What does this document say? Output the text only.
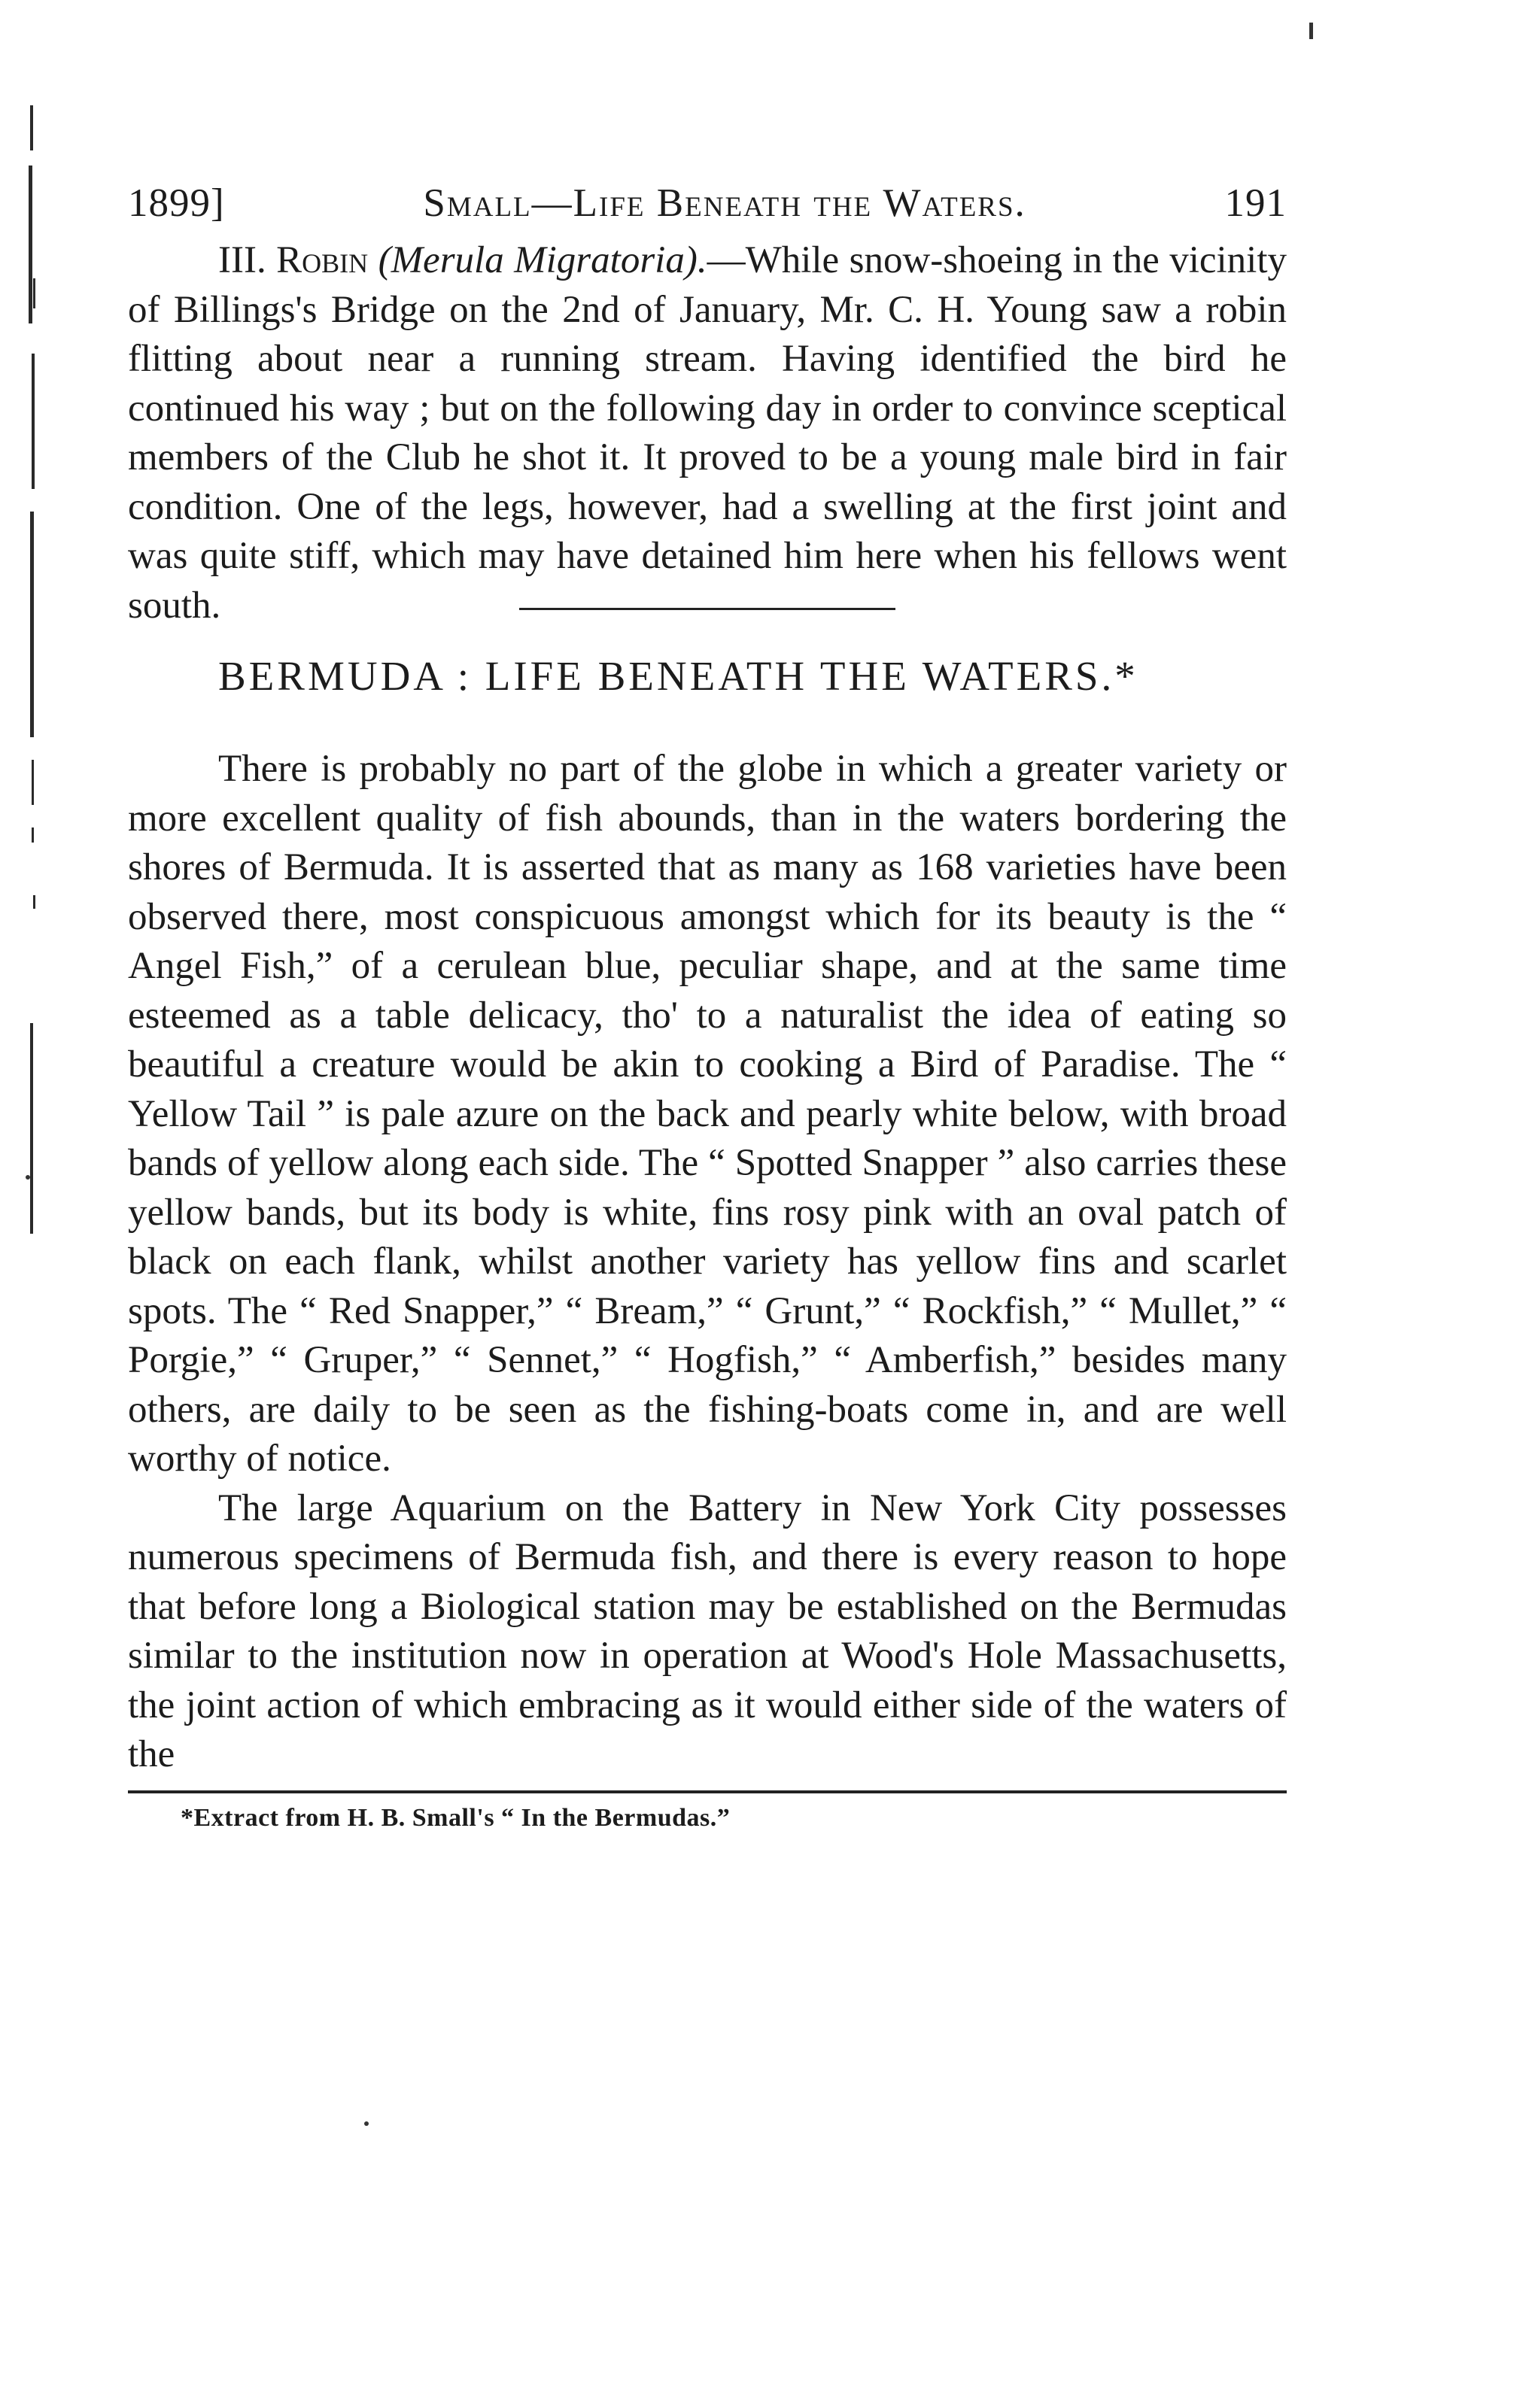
1899]	Small—Life Beneath the Waters.	191

III. Robin (Merula Migratoria).—While snow-shoeing in the vicinity of Billings's Bridge on the 2nd of January, Mr. C. H. Young saw a robin flitting about near a running stream. Having identified the bird he continued his way ; but on the following day in order to convince sceptical members of the Club he shot it. It proved to be a young male bird in fair condition. One of the legs, however, had a swelling at the first joint and was quite stiff, which may have detained him here when his fellows went south.

BERMUDA : LIFE BENEATH THE WATERS.*

There is probably no part of the globe in which a greater variety or more excellent quality of fish abounds, than in the waters bordering the shores of Bermuda. It is asserted that as many as 168 varieties have been observed there, most conspicuous amongst which for its beauty is the “ Angel Fish,” of a cerulean blue, peculiar shape, and at the same time esteemed as a table delicacy, tho' to a naturalist the idea of eating so beautiful a creature would be akin to cooking a Bird of Paradise. The “ Yellow Tail ” is pale azure on the back and pearly white below, with broad bands of yellow along each side. The “ Spotted Snapper ” also carries these yellow bands, but its body is white, fins rosy pink with an oval patch of black on each flank, whilst another variety has yellow fins and scarlet spots. The “ Red Snapper,” “ Bream,” “ Grunt,” “ Rockfish,” “ Mullet,” “ Porgie,” “ Gruper,” “ Sennet,” “ Hogfish,” “ Amberfish,” besides many others, are daily to be seen as the fishing-boats come in, and are well worthy of notice.

The large Aquarium on the Battery in New York City possesses numerous specimens of Bermuda fish, and there is every reason to hope that before long a Biological station may be established on the Bermudas similar to the institution now in operation at Wood's Hole Massachusetts, the joint action of which embracing as it would either side of the waters of the

*Extract from H. B. Small's “ In the Bermudas.”
